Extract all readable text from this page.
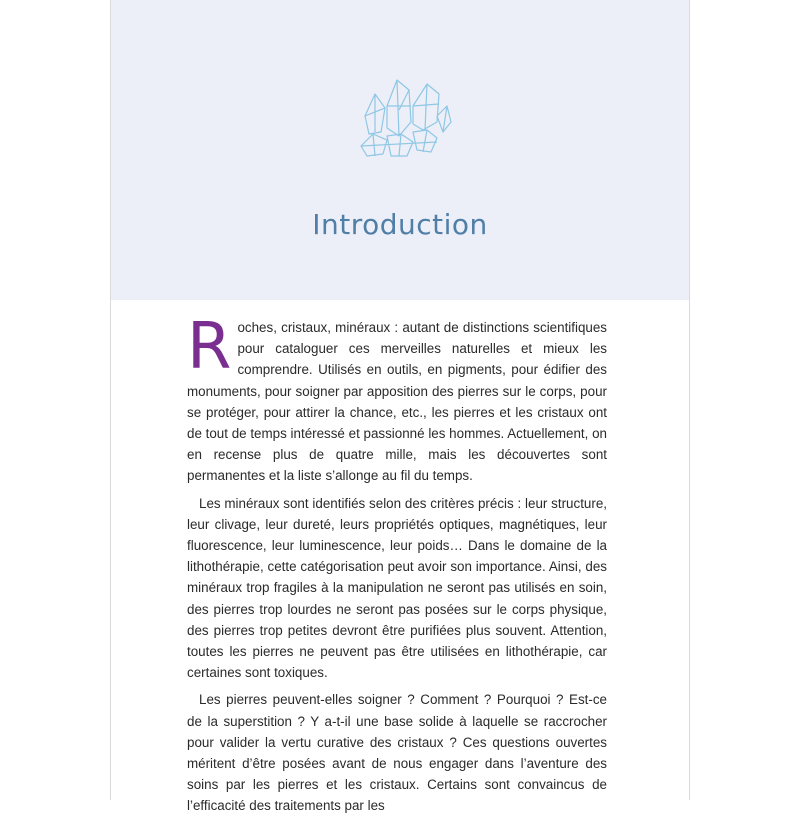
Introduction

Roches, cristaux, minéraux : autant de distinctions scientifiques pour cataloguer ces merveilles naturelles et mieux les comprendre. Utilisés en outils, en pigments, pour édifier des monuments, pour soigner par apposition des pierres sur le corps, pour se protéger, pour attirer la chance, etc., les pierres et les cristaux ont de tout de temps intéressé et passionné les hommes. Actuellement, on en recense plus de quatre mille, mais les découvertes sont permanentes et la liste s’allonge au fil du temps.

Les minéraux sont identifiés selon des critères précis : leur structure, leur clivage, leur dureté, leurs propriétés optiques, magnétiques, leur fluorescence, leur luminescence, leur poids… Dans le domaine de la lithothérapie, cette catégorisation peut avoir son importance. Ainsi, des minéraux trop fragiles à la manipulation ne seront pas utilisés en soin, des pierres trop lourdes ne seront pas posées sur le corps physique, des pierres trop petites devront être purifiées plus souvent. Attention, toutes les pierres ne peuvent pas être utilisées en lithothérapie, car certaines sont toxiques.

Les pierres peuvent-elles soigner ? Comment ? Pourquoi ? Est-ce de la superstition ? Y a-t-il une base solide à laquelle se raccrocher pour valider la vertu curative des cristaux ? Ces questions ouvertes méritent d’être posées avant de nous engager dans l’aventure des soins par les pierres et les cristaux. Certains sont convaincus de l’efficacité des traitements par les
